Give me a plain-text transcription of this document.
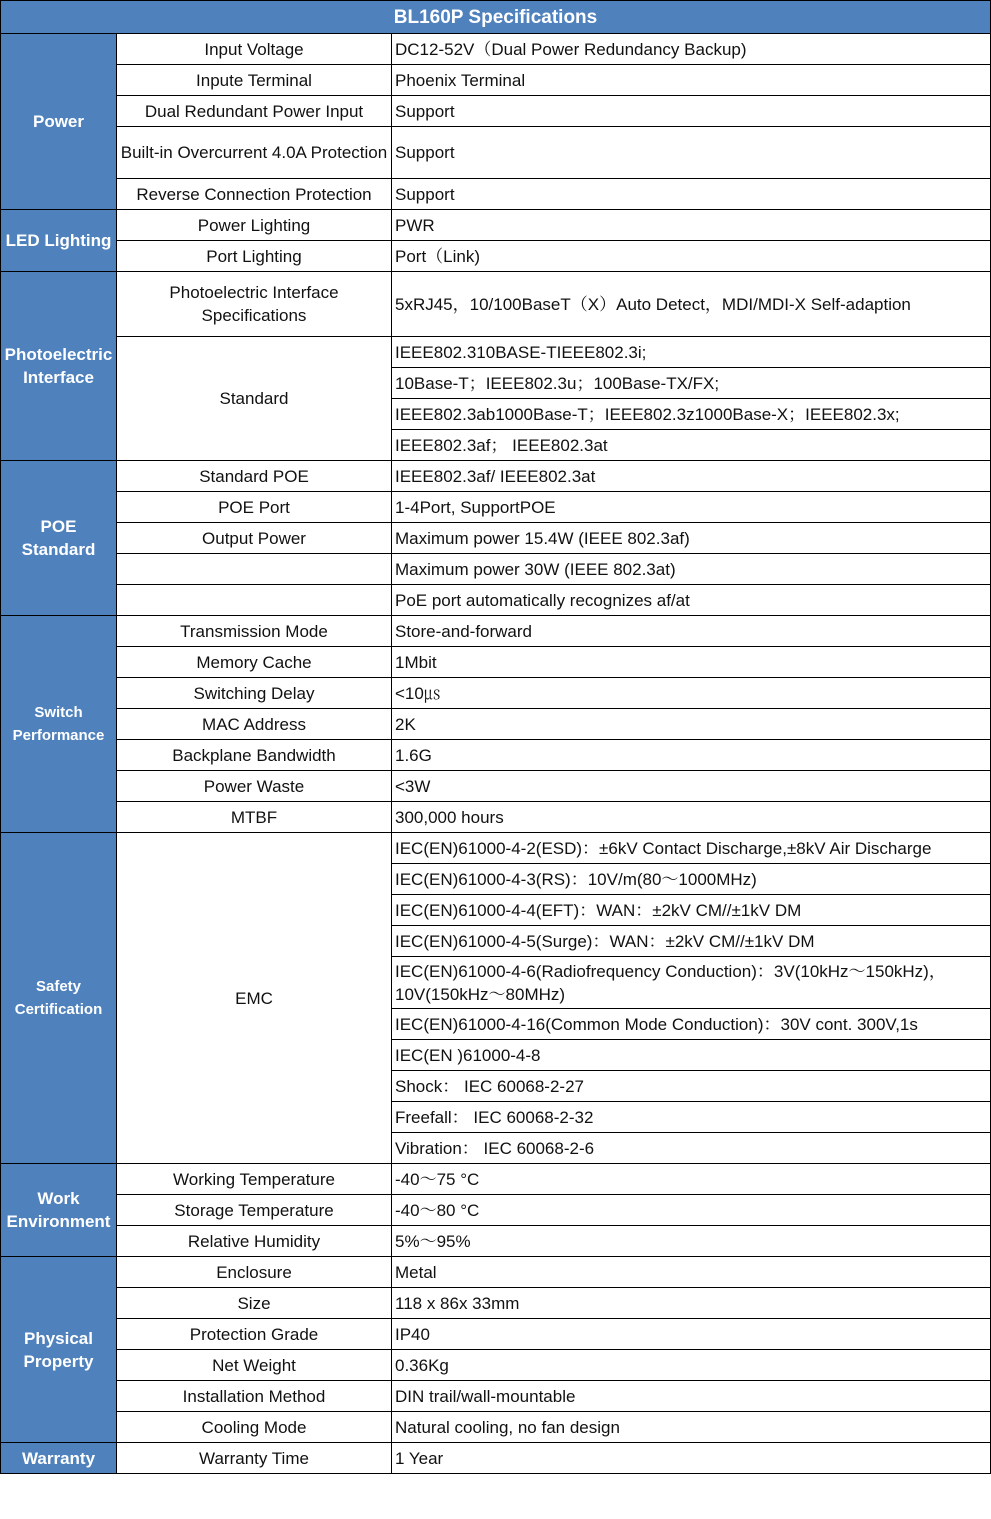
BL160P Specifications		
Power	Input Voltage	DC12-52V（Dual Power Redundancy Backup)
	Inpute Terminal	Phoenix Terminal
	Dual Redundant Power Input	Support
	Built-in Overcurrent 4.0A Protection	Support
	Reverse Connection Protection	Support
LED Lighting	Power Lighting	PWR
	Port Lighting	Port（Link)
Photoelectric Interface	Photoelectric Interface Specifications	5xRJ45，10/100BaseT（X）Auto Detect，MDI/MDI-X Self-adaption
	Standard	IEEE802.310BASE-TIEEE802.3i;
		10Base-T；IEEE802.3u；100Base-TX/FX;
		IEEE802.3ab1000Base-T；IEEE802.3z1000Base-X；IEEE802.3x;
		IEEE802.3af； IEEE802.3at
POE Standard	Standard POE	IEEE802.3af/ IEEE802.3at
	POE Port	1-4Port, SupportPOE
	Output Power	Maximum power 15.4W (IEEE 802.3af)
		Maximum power 30W (IEEE 802.3at)
		PoE port automatically recognizes af/at
Switch Performance	Transmission Mode	Store-and-forward
	Memory Cache	1Mbit
	Switching Delay	<10㎲
	MAC Address	2K
	Backplane Bandwidth	1.6G
	Power Waste	<3W
	MTBF	300,000 hours
Safety Certification	EMC	IEC(EN)61000-4-2(ESD)：±6kV Contact Discharge,±8kV Air Discharge
		IEC(EN)61000-4-3(RS)：10V/m(80～1000MHz)
		IEC(EN)61000-4-4(EFT)：WAN：±2kV CM//±1kV DM
		IEC(EN)61000-4-5(Surge)：WAN：±2kV CM//±1kV DM
		IEC(EN)61000-4-6(Radiofrequency Conduction)：3V(10kHz～150kHz)，10V(150kHz～80MHz)
		IEC(EN)61000-4-16(Common Mode Conduction)：30V cont. 300V,1s
		IEC(EN )61000-4-8
		Shock： IEC 60068-2-27
		Freefall： IEC 60068-2-32
		Vibration： IEC 60068-2-6
Work Environment	Working Temperature	-40～75 °C
	Storage Temperature	-40～80 °C
	Relative Humidity	5%～95%
Physical Property	Enclosure	Metal
	Size	118 x 86x 33mm
	Protection Grade	IP40
	Net Weight	0.36Kg
	Installation Method	DIN trail/wall-mountable
	Cooling Mode	Natural cooling, no fan design
Warranty	Warranty Time	1 Year
